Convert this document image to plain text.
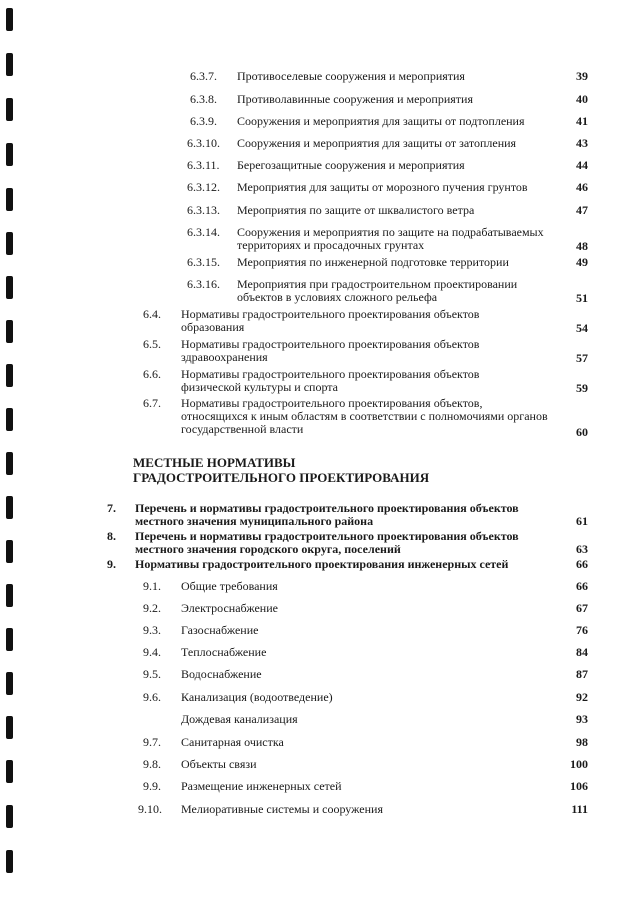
6.3.7. Противоселевые сооружения и мероприятия	39
6.3.8. Противолавинные сооружения и мероприятия	40
6.3.9. Сооружения и мероприятия для защиты от подтопления	41
6.3.10. Сооружения и мероприятия для защиты от затопления	43
6.3.11. Берегозащитные сооружения и мероприятия	44
6.3.12. Мероприятия для защиты от морозного пучения грунтов	46
6.3.13. Мероприятия по защите от шквалистого ветра	47
6.3.14. Сооружения и мероприятия по защите на подрабатываемых территориях и просадочных грунтах	48
6.3.15. Мероприятия по инженерной подготовке территории	49
6.3.16. Мероприятия при градостроительном проектировании объектов в условиях сложного рельефа	51
6.4. Нормативы градостроительного проектирования объектов образования	54
6.5. Нормативы градостроительного проектирования объектов здравоохранения	57
6.6. Нормативы градостроительного проектирования объектов физической культуры и спорта	59
6.7. Нормативы градостроительного проектирования объектов, относящихся к иным областям в соответствии с полномочиями органов государственной власти	60
МЕСТНЫЕ НОРМАТИВЫ
ГРАДОСТРОИТЕЛЬНОГО ПРОЕКТИРОВАНИЯ
7. Перечень и нормативы градостроительного проектирования объектов местного значения муниципального района	61
8. Перечень и нормативы градостроительного проектирования объектов местного значения городского округа, поселений	63
9. Нормативы градостроительного проектирования инженерных сетей	66
9.1. Общие требования	66
9.2. Электроснабжение	67
9.3. Газоснабжение	76
9.4. Теплоснабжение	84
9.5. Водоснабжение	87
9.6. Канализация (водоотведение)	92
Дождевая канализация	93
9.7. Санитарная очистка	98
9.8. Объекты связи	100
9.9. Размещение инженерных сетей	106
9.10. Мелиоративные системы и сооружения	111
